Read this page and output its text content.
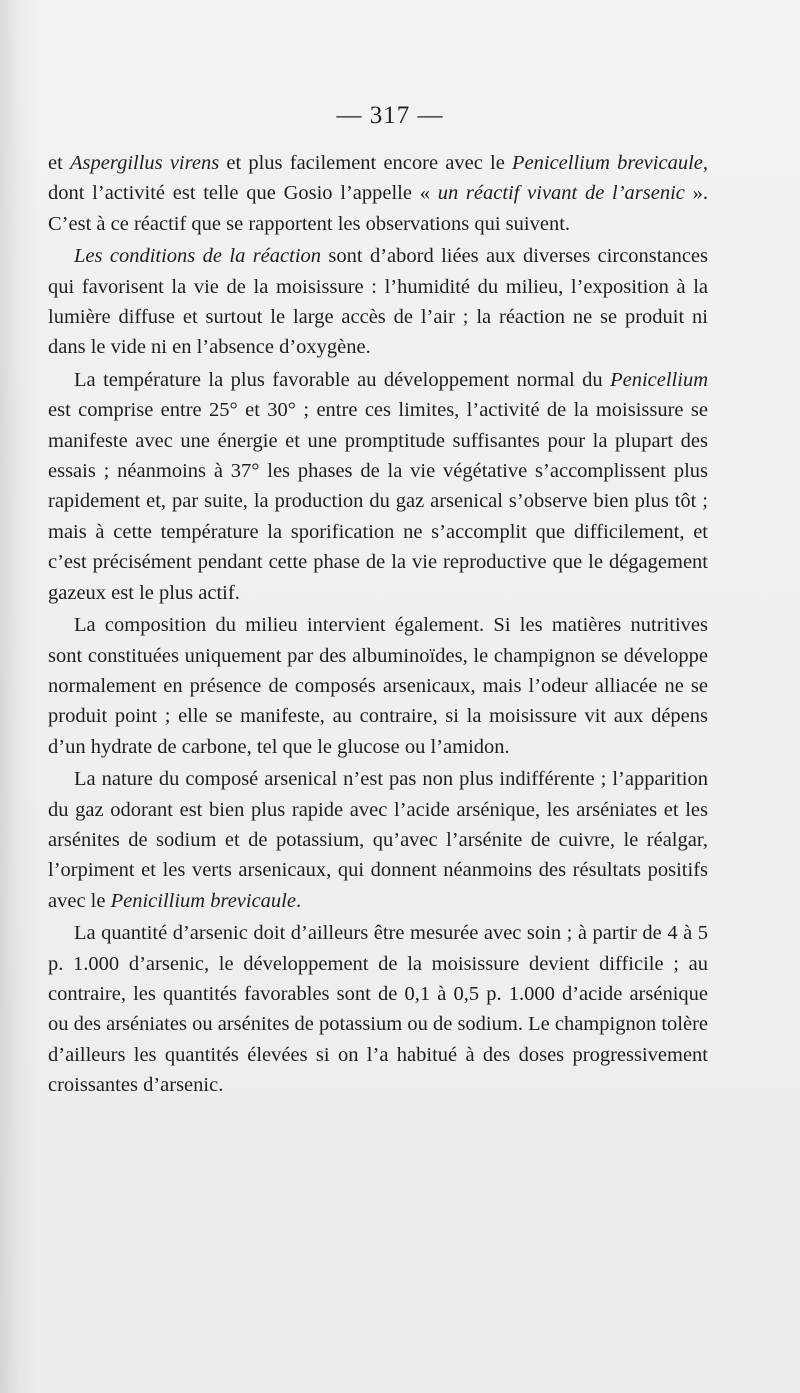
— 317 —

et Aspergillus virens et plus facilement encore avec le Penicellium brevicaule, dont l’activité est telle que Gosio l’appelle « un réactif vivant de l’arsenic ». C’est à ce réactif que se rapportent les observations qui suivent.

Les conditions de la réaction sont d’abord liées aux diverses circonstances qui favorisent la vie de la moisissure : l’humidité du milieu, l’exposition à la lumière diffuse et surtout le large accès de l’air ; la réaction ne se produit ni dans le vide ni en l’absence d’oxygène.

La température la plus favorable au développement normal du Penicellium est comprise entre 25° et 30° ; entre ces limites, l’activité de la moisissure se manifeste avec une énergie et une promptitude suffisantes pour la plupart des essais ; néanmoins à 37° les phases de la vie végétative s’accomplissent plus rapidement et, par suite, la production du gaz arsenical s’observe bien plus tôt ; mais à cette température la sporification ne s’accomplit que difficilement, et c’est précisément pendant cette phase de la vie reproductive que le dégagement gazeux est le plus actif.

La composition du milieu intervient également. Si les matières nutritives sont constituées uniquement par des albuminoïdes, le champignon se développe normalement en présence de composés arsenicaux, mais l’odeur alliacée ne se produit point ; elle se manifeste, au contraire, si la moisissure vit aux dépens d’un hydrate de carbone, tel que le glucose ou l’amidon.

La nature du composé arsenical n’est pas non plus indifférente ; l’apparition du gaz odorant est bien plus rapide avec l’acide arsénique, les arséniates et les arsénites de sodium et de potassium, qu’avec l’arsénite de cuivre, le réalgar, l’orpiment et les verts arsenicaux, qui donnent néanmoins des résultats positifs avec le Penicillium brevicaule.

La quantité d’arsenic doit d’ailleurs être mesurée avec soin ; à partir de 4 à 5 p. 1.000 d’arsenic, le développement de la moisissure devient difficile ; au contraire, les quantités favorables sont de 0,1 à 0,5 p. 1.000 d’acide arsénique ou des arséniates ou arsénites de potassium ou de sodium. Le champignon tolère d’ailleurs les quantités élevées si on l’a habitué à des doses progressivement croissantes d’arsenic.
